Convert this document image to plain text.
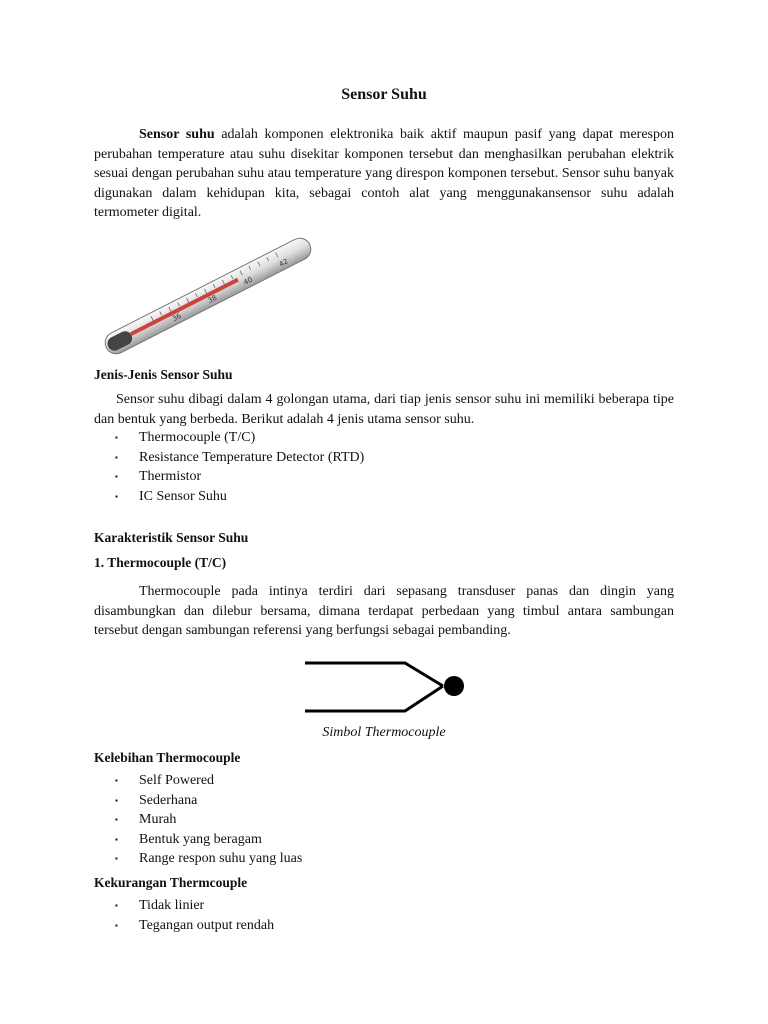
Sensor Suhu

Sensor suhu adalah komponen elektronika baik aktif maupun pasif yang dapat merespon perubahan temperature atau suhu disekitar komponen tersebut dan menghasilkan perubahan elektrik sesuai dengan perubahan suhu atau temperature yang direspon komponen tersebut. Sensor suhu banyak digunakan dalam kehidupan kita, sebagai contoh alat yang menggunakansensor suhu adalah termometer digital.

36
38
40
42
Jenis-Jenis Sensor Suhu

Sensor suhu dibagi dalam 4 golongan utama, dari tiap jenis sensor suhu ini memiliki beberapa tipe dan bentuk yang berbeda. Berikut adalah 4 jenis utama sensor suhu.

▪ Thermocouple (T/C)
▪ Resistance Temperature Detector (RTD)
▪ Thermistor
▪ IC Sensor Suhu
Karakteristik Sensor Suhu
1. Thermocouple (T/C)

Thermocouple pada intinya terdiri dari sepasang transduser panas dan dingin yang disambungkan dan dilebur bersama, dimana terdapat perbedaan yang timbul antara sambungan tersebut dengan sambungan referensi yang berfungsi sebagai pembanding.

Simbol Thermocouple
Kelebihan Thermocouple
▪ Self Powered
▪ Sederhana
▪ Murah
▪ Bentuk yang beragam
▪ Range respon suhu yang luas
Kekurangan Thermcouple
▪ Tidak linier
▪ Tegangan output rendah
